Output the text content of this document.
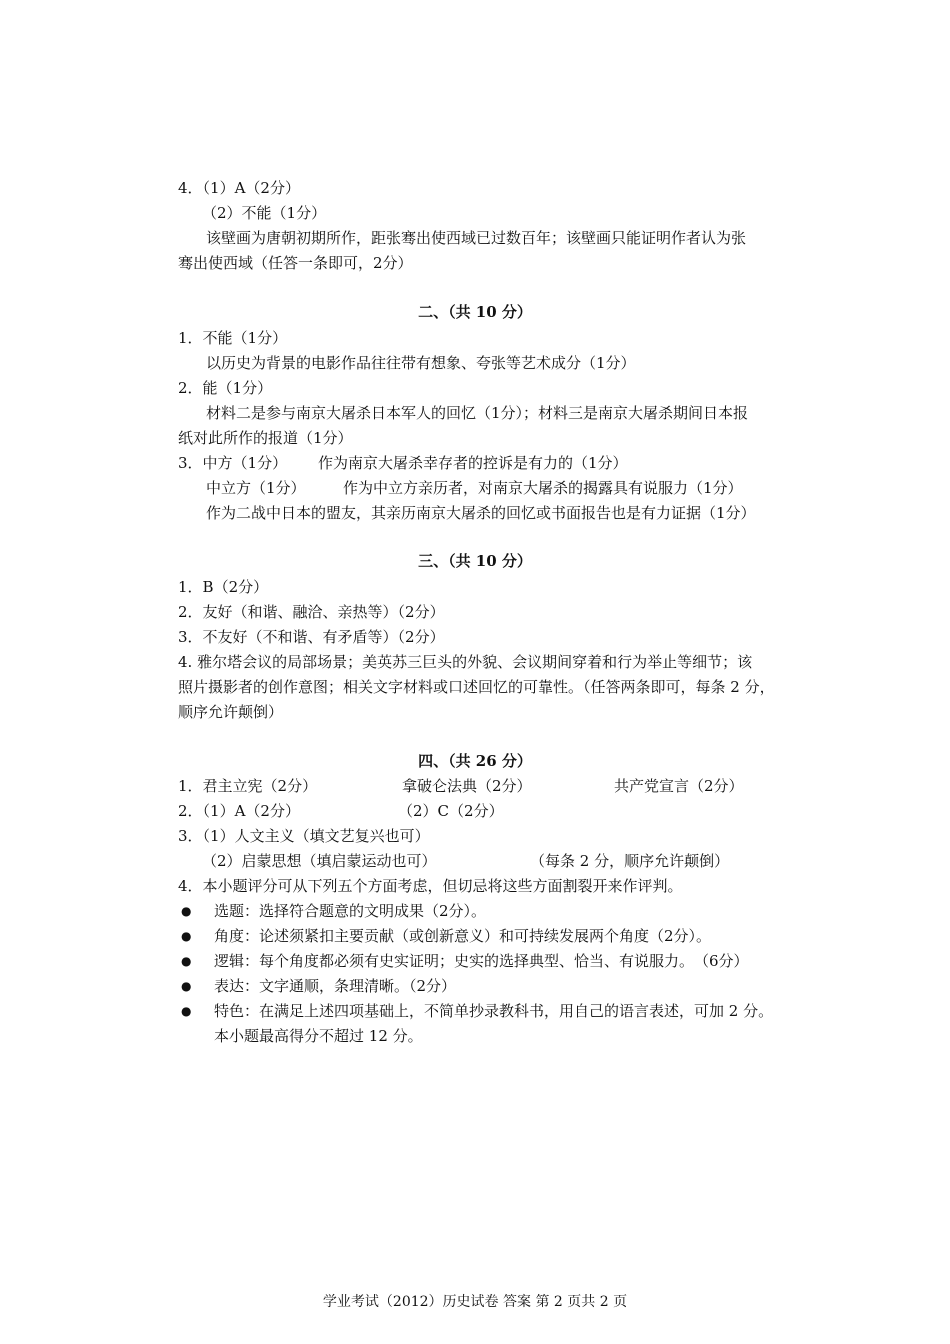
4．（1）A（2分）
（2）不能（1分）
该壁画为唐朝初期所作，距张骞出使西域已过数百年；该壁画只能证明作者认为张
骞出使西域（任答一条即可，2分）
二、（共 10 分）
1．不能（1分）
以历史为背景的电影作品往往带有想象、夸张等艺术成分（1分）
2．能（1分）
材料二是参与南京大屠杀日本军人的回忆（1分）；材料三是南京大屠杀期间日本报
纸对此所作的报道（1分）
3．中方（1分） 作为南京大屠杀幸存者的控诉是有力的（1分）
中立方（1分） 作为中立方亲历者，对南京大屠杀的揭露具有说服力（1分）
作为二战中日本的盟友，其亲历南京大屠杀的回忆或书面报告也是有力证据（1分）
三、（共 10 分）
1．B（2分）
2．友好（和谐、融洽、亲热等）（2分）
3．不友好（不和谐、有矛盾等）（2分）
4. 雅尔塔会议的局部场景；美英苏三巨头的外貌、会议期间穿着和行为举止等细节；该
照片摄影者的创作意图；相关文字材料或口述回忆的可靠性。（任答两条即可，每条 2 分，
顺序允许颠倒）
四、（共 26 分）
1．君主立宪（2分）	拿破仑法典（2分）	共产党宣言（2分）
2．（1）A（2分）	（2）C（2分）
3．（1）人文主义（填文艺复兴也可）
（2）启蒙思想（填启蒙运动也可）	（每条 2 分，顺序允许颠倒）
4．本小题评分可从下列五个方面考虑，但切忌将这些方面割裂开来作评判。
● 选题：选择符合题意的文明成果（2分）。
● 角度：论述须紧扣主要贡献（或创新意义）和可持续发展两个角度（2分）。
● 逻辑：每个角度都必须有史实证明；史实的选择典型、恰当、有说服力。　（6分）
● 表达：文字通顺，条理清晰。（2分）
● 特色：在满足上述四项基础上，不简单抄录教科书，用自己的语言表述，可加 2 分。
本小题最高得分不超过 12 分。
学业考试（2012）历史试卷 答案 第 2 页共 2 页
